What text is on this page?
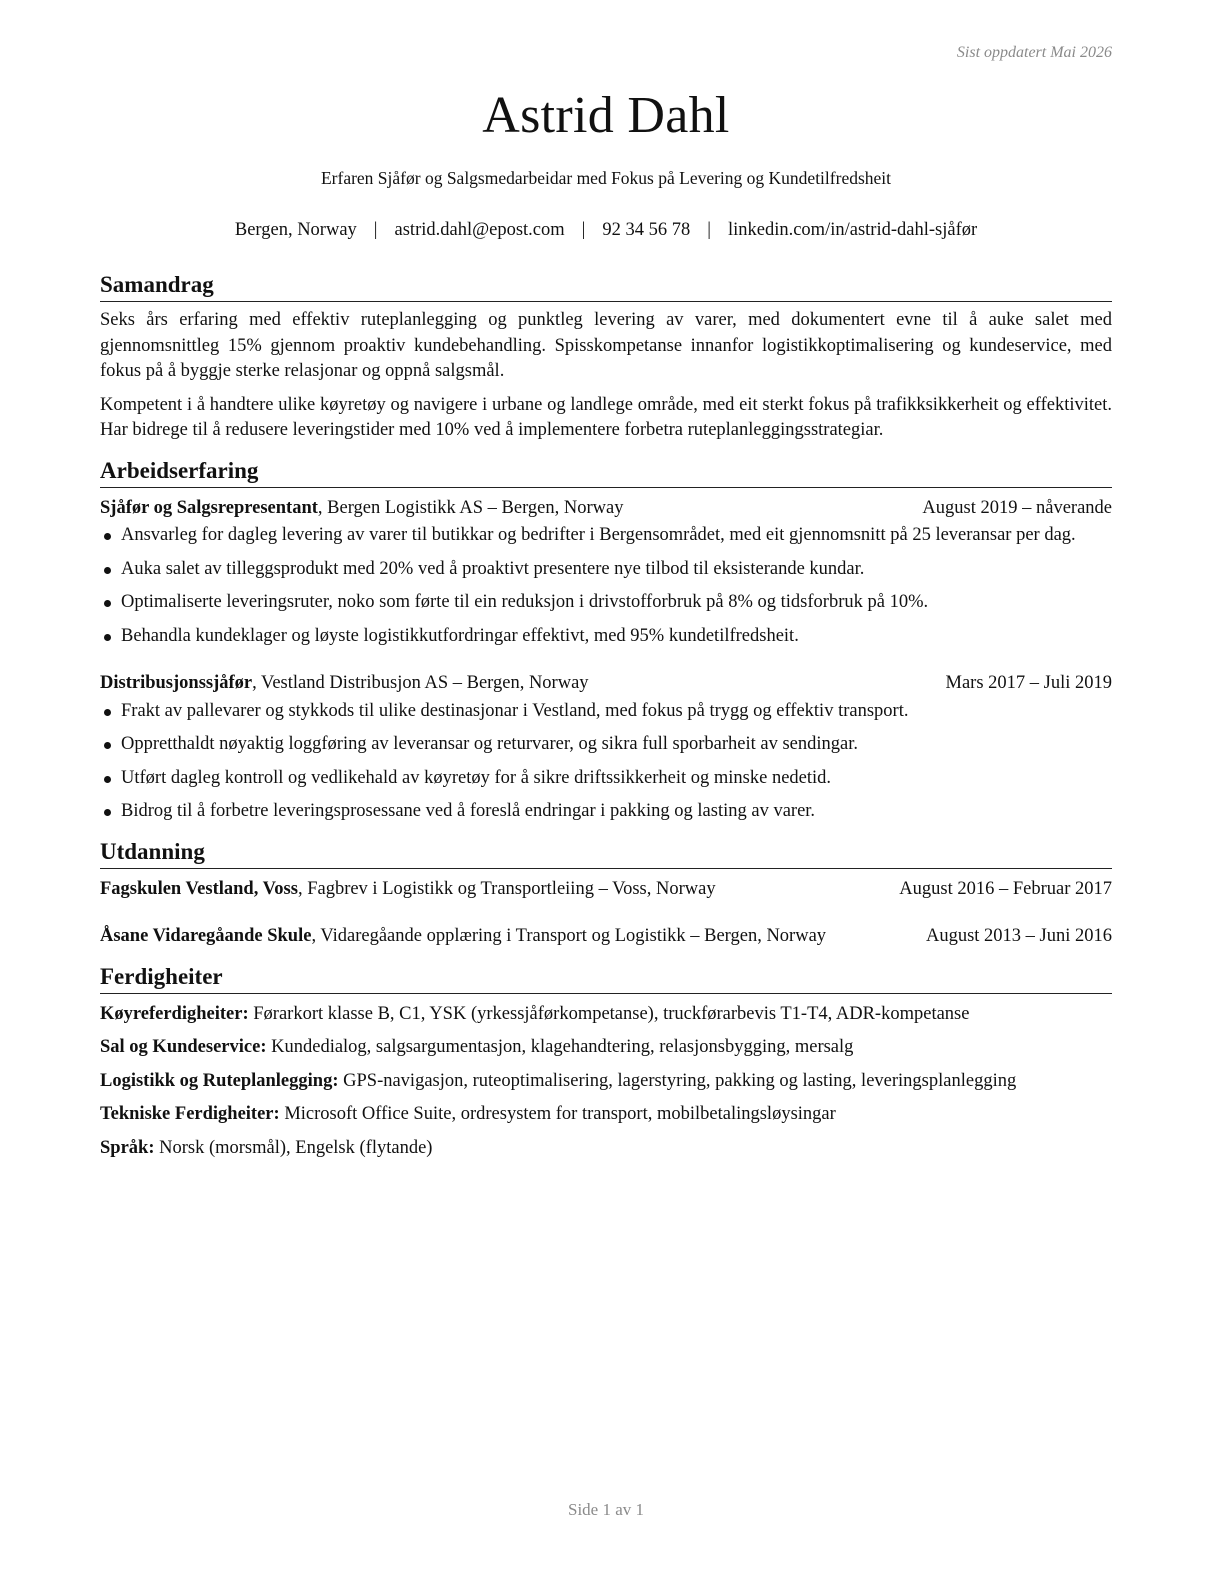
Sist oppdatert Mai 2026
Astrid Dahl
Erfaren Sjåfør og Salgsmedarbeidar med Fokus på Levering og Kundetilfredsheit
Bergen, Norway | astrid.dahl@epost.com | 92 34 56 78 | linkedin.com/in/astrid-dahl-sjåfør
Samandrag

Seks års erfaring med effektiv ruteplanlegging og punktleg levering av varer, med dokumentert evne til å auke salet med gjennomsnittleg 15% gjennom proaktiv kundebehandling. Spisskompetanse innanfor logistikkoptimalisering og kundeservice, med fokus på å byggje sterke relasjonar og oppnå salgsmål.

Kompetent i å handtere ulike køyretøy og navigere i urbane og landlege område, med eit sterkt fokus på trafikksikkerheit og effektivitet. Har bidrege til å redusere leveringstider med 10% ved å implementere forbetra ruteplanleggingsstrategiar.

Arbeidserfaring
Sjåfør og Salgsrepresentant, Bergen Logistikk AS – Bergen, Norway	August 2019 – nåverande
Ansvarleg for dagleg levering av varer til butikkar og bedrifter i Bergensområdet, med eit gjennomsnitt på 25 leveransar per dag.
Auka salet av tilleggsprodukt med 20% ved å proaktivt presentere nye tilbod til eksisterande kundar.
Optimaliserte leveringsruter, noko som førte til ein reduksjon i drivstofforbruk på 8% og tidsforbruk på 10%.
Behandla kundeklager og løyste logistikkutfordringar effektivt, med 95% kundetilfredsheit.
Distribusjonssjåfør, Vestland Distribusjon AS – Bergen, Norway	Mars 2017 – Juli 2019
Frakt av pallevarer og stykkods til ulike destinasjonar i Vestland, med fokus på trygg og effektiv transport.
Oppretthaldt nøyaktig loggføring av leveransar og returvarer, og sikra full sporbarheit av sendingar.
Utført dagleg kontroll og vedlikehald av køyretøy for å sikre driftssikkerheit og minske nedetid.
Bidrog til å forbetre leveringsprosessane ved å foreslå endringar i pakking og lasting av varer.
Utdanning
Fagskulen Vestland, Voss, Fagbrev i Logistikk og Transportleiing – Voss, Norway	August 2016 – Februar 2017
Åsane Vidaregåande Skule, Vidaregåande opplæring i Transport og Logistikk – Bergen, Norway	August 2013 – Juni 2016
Ferdigheiter
Køyreferdigheiter: Førarkort klasse B, C1, YSK (yrkessjåførkompetanse), truckførarbevis T1-T4, ADR-kompetanse
Sal og Kundeservice: Kundedialog, salgsargumentasjon, klagehandtering, relasjonsbygging, mersalg
Logistikk og Ruteplanlegging: GPS-navigasjon, ruteoptimalisering, lagerstyring, pakking og lasting, leveringsplanlegging
Tekniske Ferdigheiter: Microsoft Office Suite, ordresystem for transport, mobilbetalingsløysingar
Språk: Norsk (morsmål), Engelsk (flytande)
Side 1 av 1
